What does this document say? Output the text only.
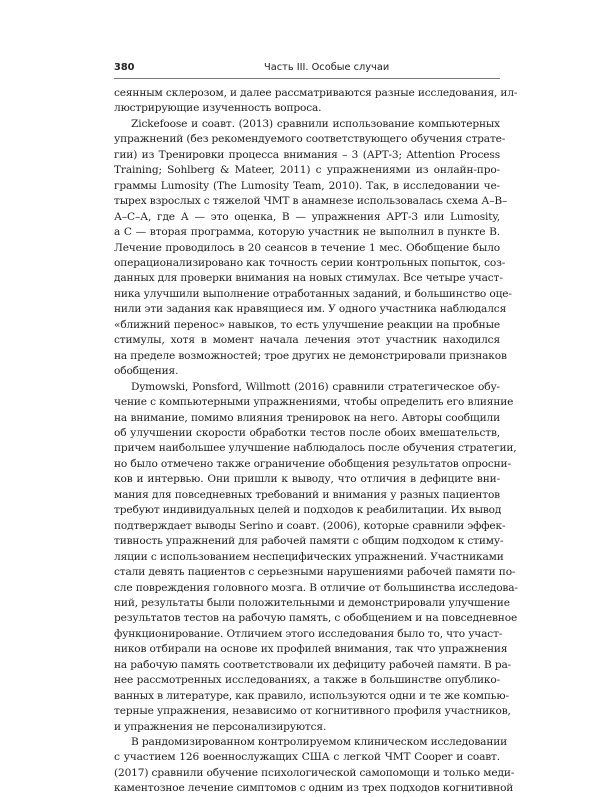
380	Часть III. Особые случаи
сеянным склерозом, и далее рассматриваются разные исследования, ил-
люстрирующие изученность вопроса.
Zickefoose и соавт. (2013) сравнили использование компьютерных
упражнений (без рекомендуемого соответствующего обучения страте-
гии) из Тренировки процесса внимания – 3 (АРТ-3; Attention Process
Training; Sohlberg & Mateer, 2011) с упражнениями из онлайн-про-
граммы Lumosity (The Lumosity Team, 2010). Так, в исследовании че-
тырех взрослых с тяжелой ЧМТ в анамнезе использовалась схема А–В–
А–С–А, где А — это оценка, В — упражнения АРТ-3 или Lumosity,
а С — вторая программа, которую участник не выполнил в пункте В.
Лечение проводилось в 20 сеансов в течение 1 мес. Обобщение было
операционализировано как точность серии контрольных попыток, соз-
данных для проверки внимания на новых стимулах. Все четыре участ-
ника улучшили выполнение отработанных заданий, и большинство оце-
нили эти задания как нравящиеся им. У одного участника наблюдался
«ближний перенос» навыков, то есть улучшение реакции на пробные
стимулы, хотя в момент начала лечения этот участник находился
на пределе возможностей; трое других не демонстрировали признаков
обобщения.
Dymowski, Ponsford, Willmott (2016) сравнили стратегическое обу-
чение с компьютерными упражнениями, чтобы определить его влияние
на внимание, помимо влияния тренировок на него. Авторы сообщили
об улучшении скорости обработки тестов после обоих вмешательств,
причем наибольшее улучшение наблюдалось после обучения стратегии,
но было отмечено также ограничение обобщения результатов опросни-
ков и интервью. Они пришли к выводу, что отличия в дефиците вни-
мания для повседневных требований и внимания у разных пациентов
требуют индивидуальных целей и подходов к реабилитации. Их вывод
подтверждает выводы Serino и соавт. (2006), которые сравнили эффек-
тивность упражнений для рабочей памяти с общим подходом к стиму-
ляции с использованием неспецифических упражнений. Участниками
стали девять пациентов с серьезными нарушениями рабочей памяти по-
сле повреждения головного мозга. В отличие от большинства исследова-
ний, результаты были положительными и демонстрировали улучшение
результатов тестов на рабочую память, с обобщением и на повседневное
функционирование. Отличием этого исследования было то, что участ-
ников отбирали на основе их профилей внимания, так что упражнения
на рабочую память соответствовали их дефициту рабочей памяти. В ра-
нее рассмотренных исследованиях, а также в большинстве опублико-
ванных в литературе, как правило, используются одни и те же компью-
терные упражнения, независимо от когнитивного профиля участников,
и упражнения не персонализируются.
В рандомизированном контролируемом клиническом исследовании
с участием 126 военнослужащих США с легкой ЧМТ Cooper и соавт.
(2017) сравнили обучение психологической самопомощи и только меди-
каментозное лечение симптомов с одним из трех подходов когнитивной
